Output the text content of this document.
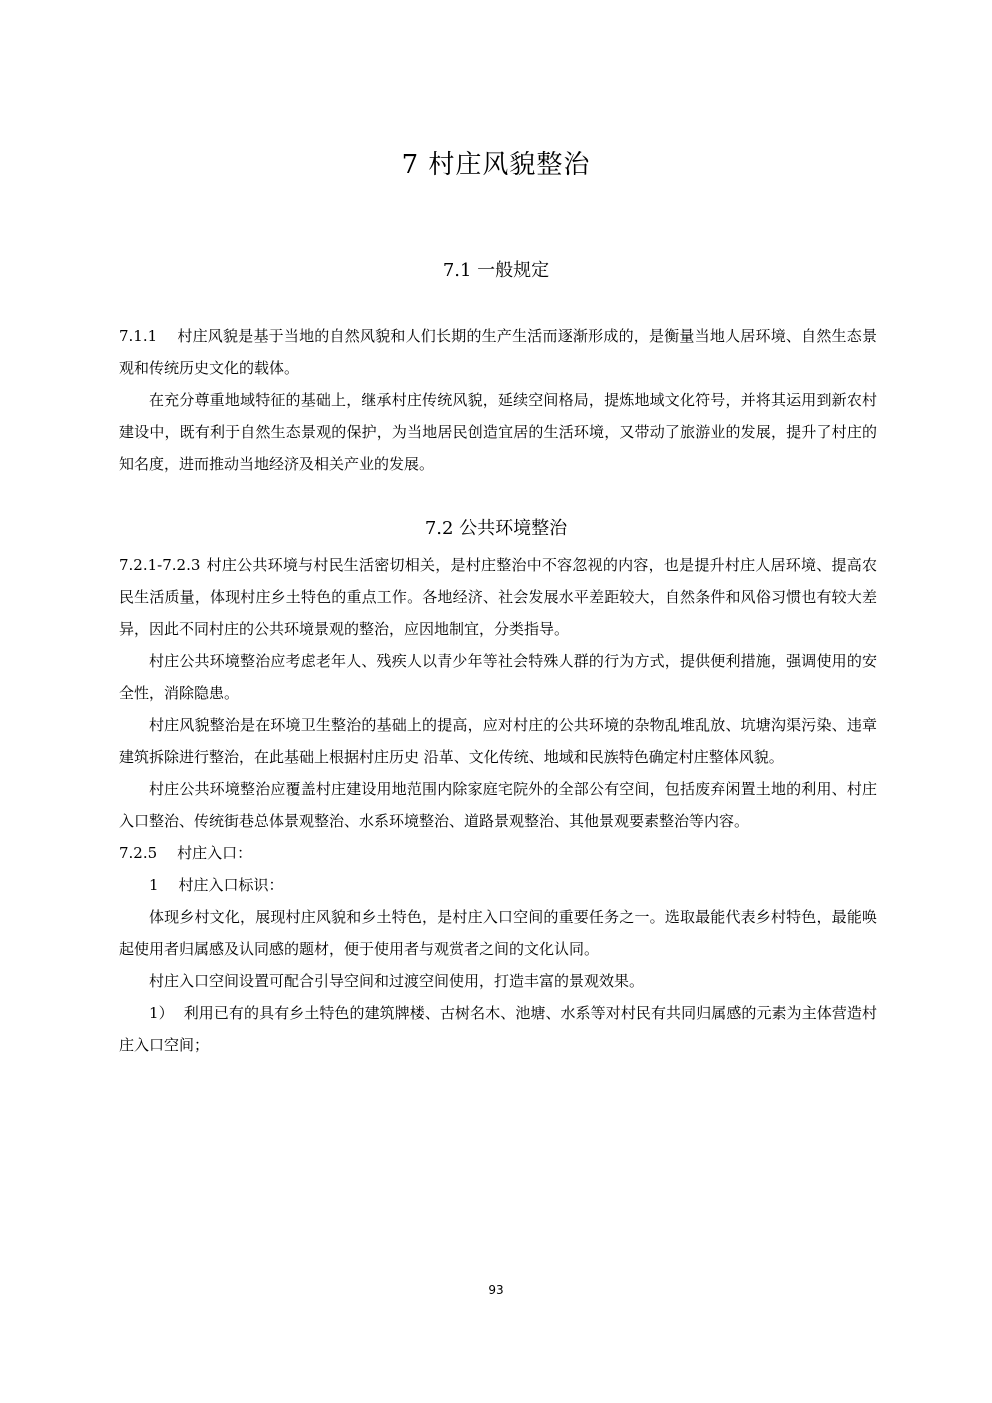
7 村庄风貌整治
7.1 一般规定

7.1.1 村庄风貌是基于当地的自然风貌和人们长期的生产生活而逐渐形成的，是衡量当地人居环境、自然生态景观和传统历史文化的载体。

在充分尊重地域特征的基础上，继承村庄传统风貌，延续空间格局，提炼地域文化符号，并将其运用到新农村建设中，既有利于自然生态景观的保护，为当地居民创造宜居的生活环境，又带动了旅游业的发展，提升了村庄的知名度，进而推动当地经济及相关产业的发展。

7.2.1-7.2.3 村庄公共环境与村民生活密切相关，是村庄整治中不容忽视的内容，也是提升村庄人居环境、提高农民生活质量，体现村庄乡土特色的重点工作。各地经济、社会发展水平差距较大，自然条件和风俗习惯也有较大差异，因此不同村庄的公共环境景观的整治，应因地制宜，分类指导。

村庄公共环境整治应考虑老年人、残疾人以青少年等社会特殊人群的行为方式，提供便利措施，强调使用的安全性，消除隐患。

村庄风貌整治是在环境卫生整治的基础上的提高，应对村庄的公共环境的杂物乱堆乱放、坑塘沟渠污染、违章建筑拆除进行整治，在此基础上根据村庄历史 沿革、文化传统、地域和民族特色确定村庄整体风貌。

村庄公共环境整治应覆盖村庄建设用地范围内除家庭宅院外的全部公有空间，包括废弃闲置土地的利用、村庄入口整治、传统街巷总体景观整治、水系环境整治、道路景观整治、其他景观要素整治等内容。

7.2.5 村庄入口：

1 村庄入口标识：

体现乡村文化，展现村庄风貌和乡土特色，是村庄入口空间的重要任务之一。选取最能代表乡村特色，最能唤起使用者归属感及认同感的题材，便于使用者与观赏者之间的文化认同。

村庄入口空间设置可配合引导空间和过渡空间使用，打造丰富的景观效果。

1） 利用已有的具有乡土特色的建筑牌楼、古树名木、池塘、水系等对村民有共同归属感的元素为主体营造村庄入口空间；

7.2 公共环境整治
93
